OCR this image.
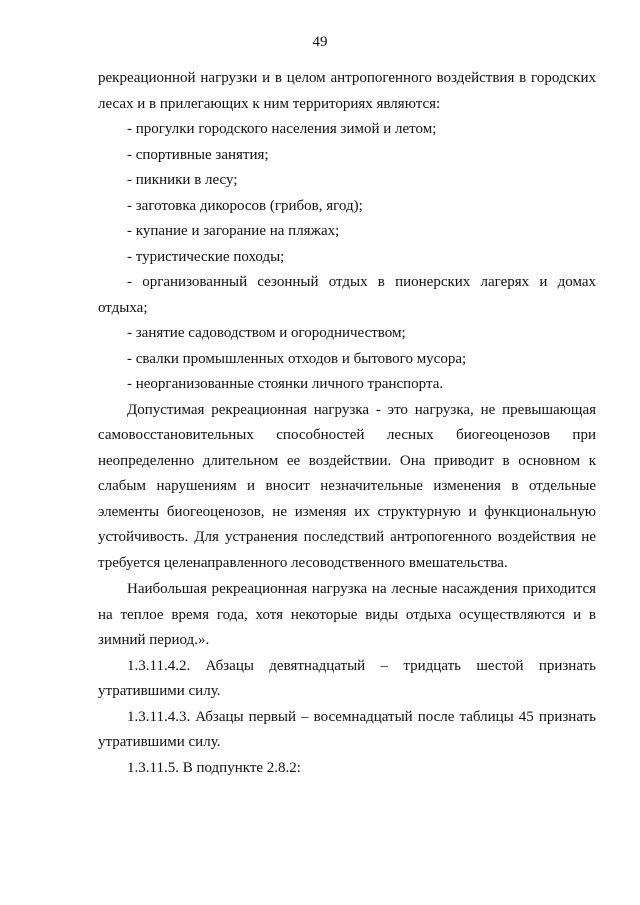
49

рекреационной нагрузки и в целом антропогенного воздействия в городских лесах и в прилегающих к ним территориях являются:

- прогулки городского населения зимой и летом;

- спортивные занятия;

- пикники в лесу;

- заготовка дикоросов (грибов, ягод);

- купание и загорание на пляжах;

- туристические походы;

- организованный сезонный отдых в пионерских лагерях и домах отдыха;

- занятие садоводством и огородничеством;

- свалки промышленных отходов и бытового мусора;

- неорганизованные стоянки личного транспорта.

Допустимая рекреационная нагрузка - это нагрузка, не превышающая самовосстановительных способностей лесных биогеоценозов при неопределенно длительном ее воздействии. Она приводит в основном к слабым нарушениям и вносит незначительные изменения в отдельные элементы биогеоценозов, не изменяя их структурную и функциональную устойчивость. Для устранения последствий антропогенного воздействия не требуется целенаправленного лесоводственного вмешательства.

Наибольшая рекреационная нагрузка на лесные насаждения приходится на теплое время года, хотя некоторые виды отдыха осуществляются и в зимний период.».

1.3.11.4.2. Абзацы девятнадцатый – тридцать шестой признать утратившими силу.

1.3.11.4.3. Абзацы первый – восемнадцатый после таблицы 45 признать утратившими силу.

1.3.11.5. В подпункте 2.8.2:
